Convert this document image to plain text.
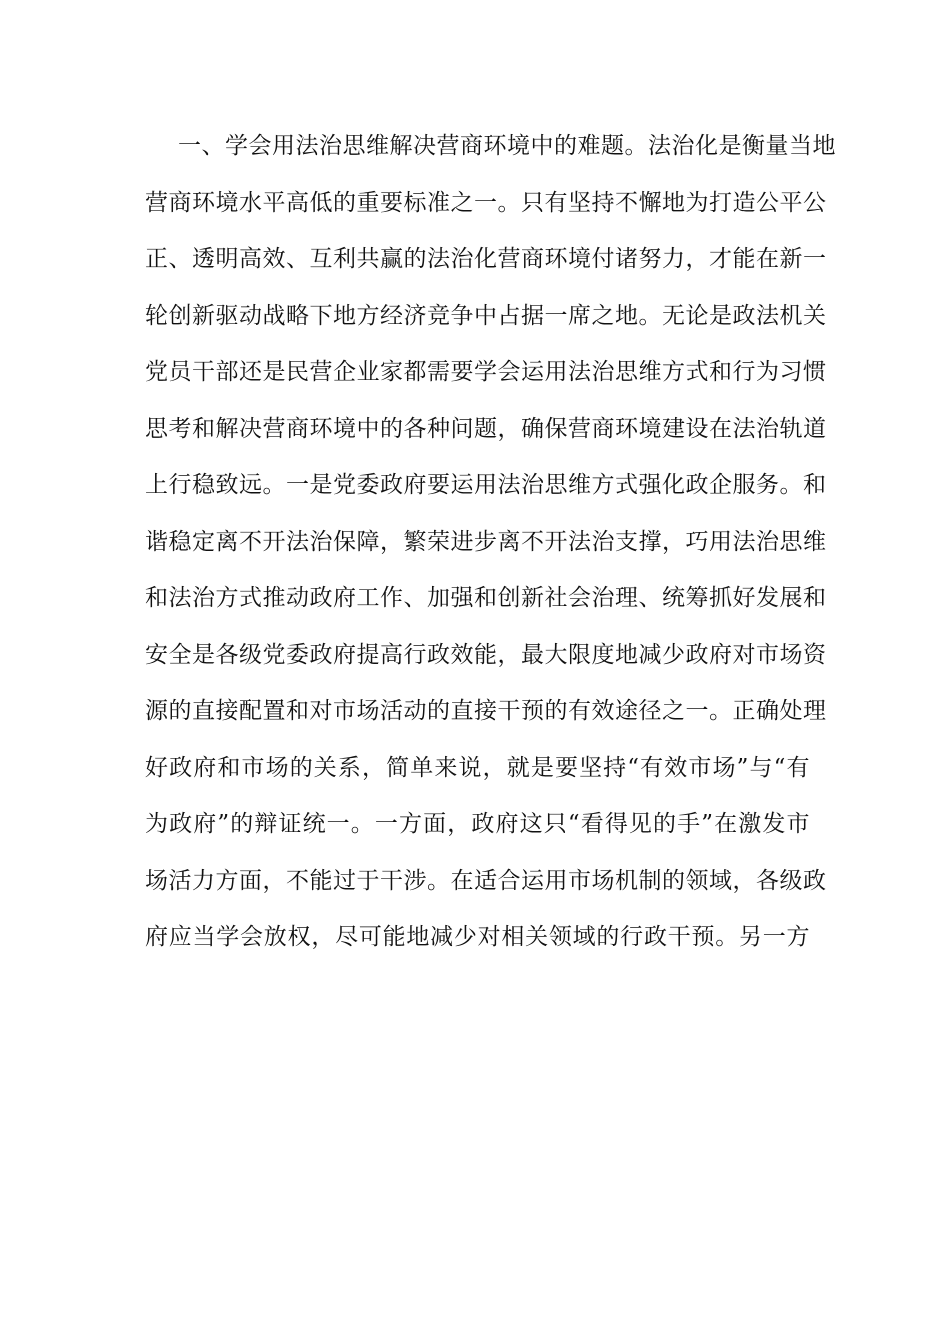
一、学会用法治思维解决营商环境中的难题。法治化是衡量当地
营商环境水平高低的重要标准之一。只有坚持不懈地为打造公平公
正、透明高效、互利共赢的法治化营商环境付诸努力，才能在新一
轮创新驱动战略下地方经济竞争中占据一席之地。无论是政法机关
党员干部还是民营企业家都需要学会运用法治思维方式和行为习惯
思考和解决营商环境中的各种问题，确保营商环境建设在法治轨道
上行稳致远。一是党委政府要运用法治思维方式强化政企服务。和
谐稳定离不开法治保障，繁荣进步离不开法治支撑，巧用法治思维
和法治方式推动政府工作、加强和创新社会治理、统筹抓好发展和
安全是各级党委政府提高行政效能，最大限度地减少政府对市场资
源的直接配置和对市场活动的直接干预的有效途径之一。正确处理
好政府和市场的关系，简单来说，就是要坚持“有效市场”与“有
为政府”的辩证统一。一方面，政府这只“看得见的手”在激发市
场活力方面，不能过于干涉。在适合运用市场机制的领域，各级政
府应当学会放权，尽可能地减少对相关领域的行政干预。另一方
